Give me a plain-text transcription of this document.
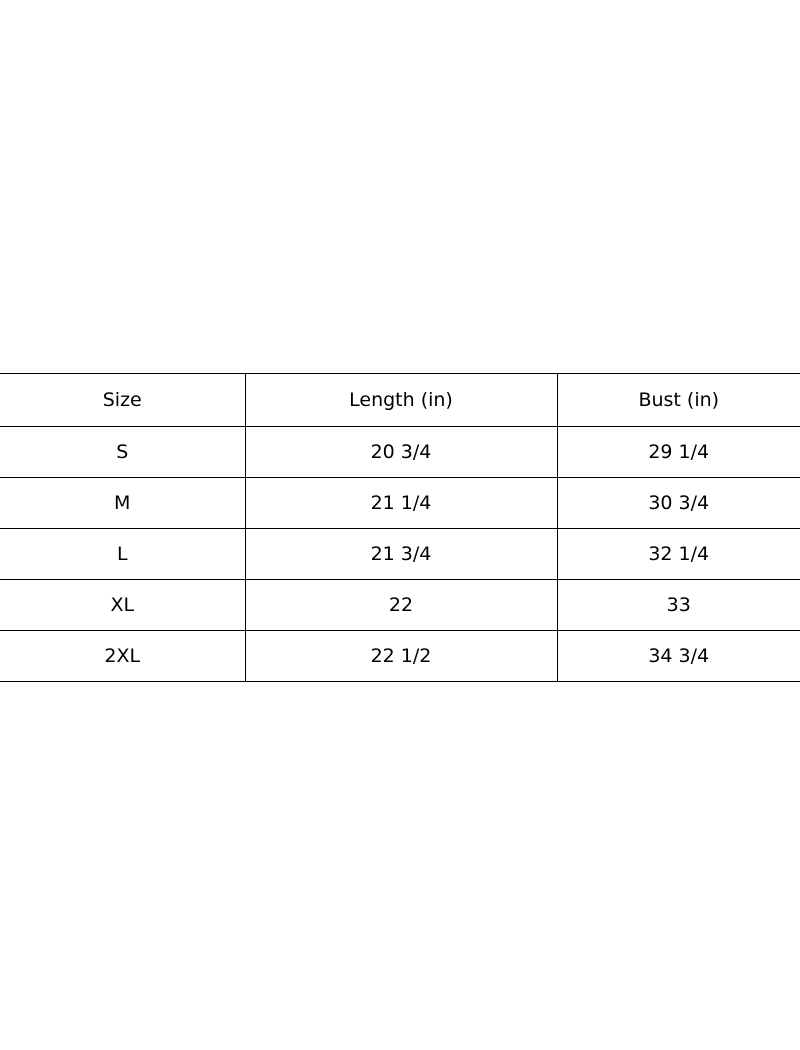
Size	Length (in)	Bust (in)
S	20 3/4	29 1/4
M	21 1/4	30 3/4
L	21 3/4	32 1/4
XL	22	33
2XL	22 1/2	34 3/4
